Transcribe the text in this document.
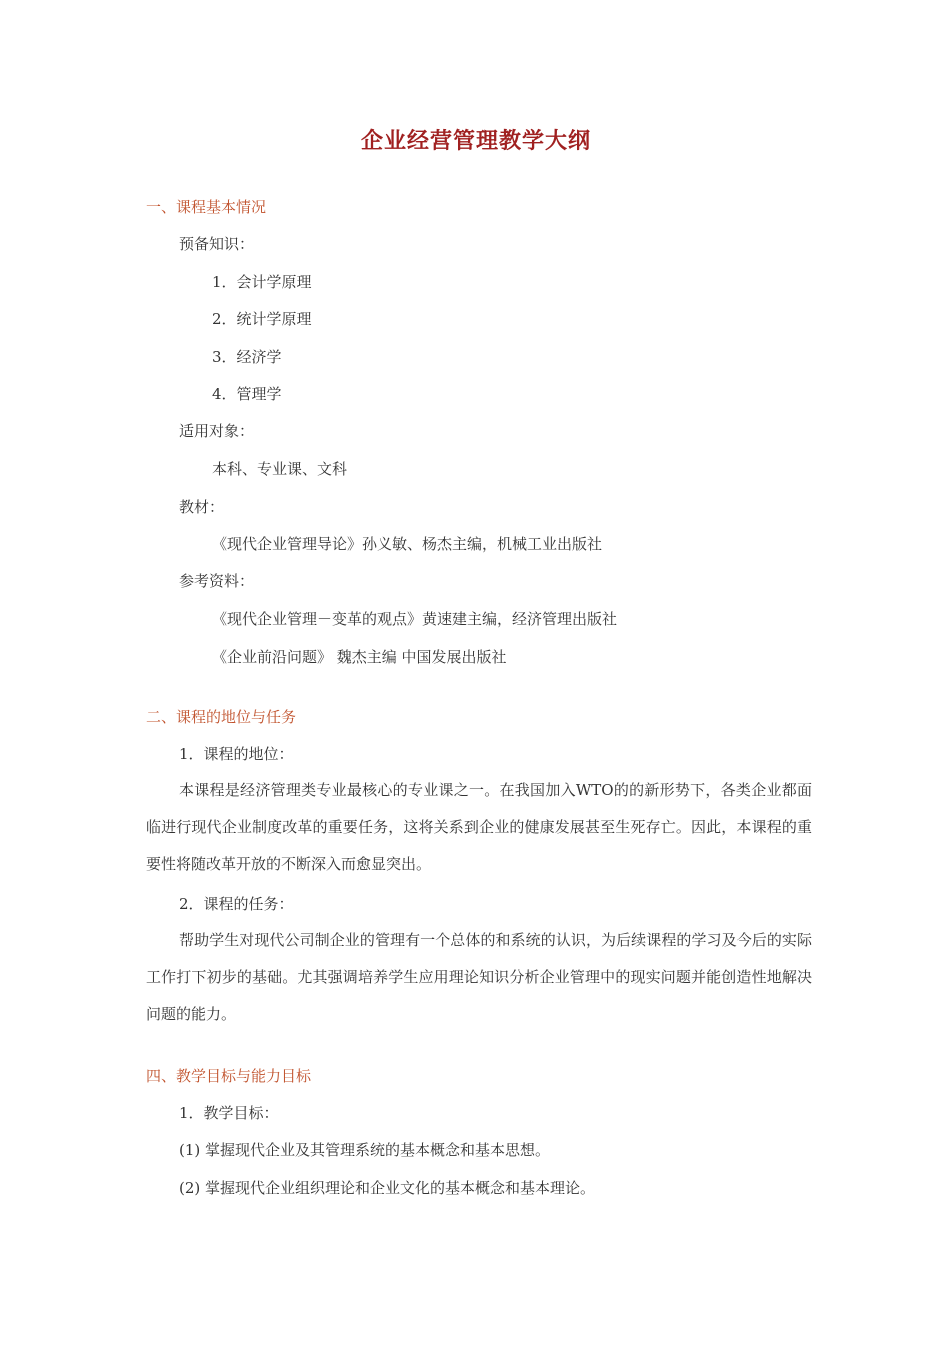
企业经营管理教学大纲
一、课程基本情况
预备知识：
1．会计学原理
2．统计学原理
3．经济学
4．管理学
适用对象：
本科、专业课、文科
教材：
《现代企业管理导论》孙义敏、杨杰主编，机械工业出版社
参考资料：
《现代企业管理－变革的观点》黄速建主编，经济管理出版社
《企业前沿问题》 魏杰主编 中国发展出版社
二、课程的地位与任务
1．课程的地位：
本课程是经济管理类专业最核心的专业课之一。在我国加入WTO的的新形势下，各类企业都面临进行现代企业制度改革的重要任务，这将关系到企业的健康发展甚至生死存亡。因此，本课程的重要性将随改革开放的不断深入而愈显突出。
2．课程的任务：
帮助学生对现代公司制企业的管理有一个总体的和系统的认识，为后续课程的学习及今后的实际工作打下初步的基础。尤其强调培养学生应用理论知识分析企业管理中的现实问题并能创造性地解决问题的能力。
四、教学目标与能力目标
1．教学目标：
(1) 掌握现代企业及其管理系统的基本概念和基本思想。
(2) 掌握现代企业组织理论和企业文化的基本概念和基本理论。
